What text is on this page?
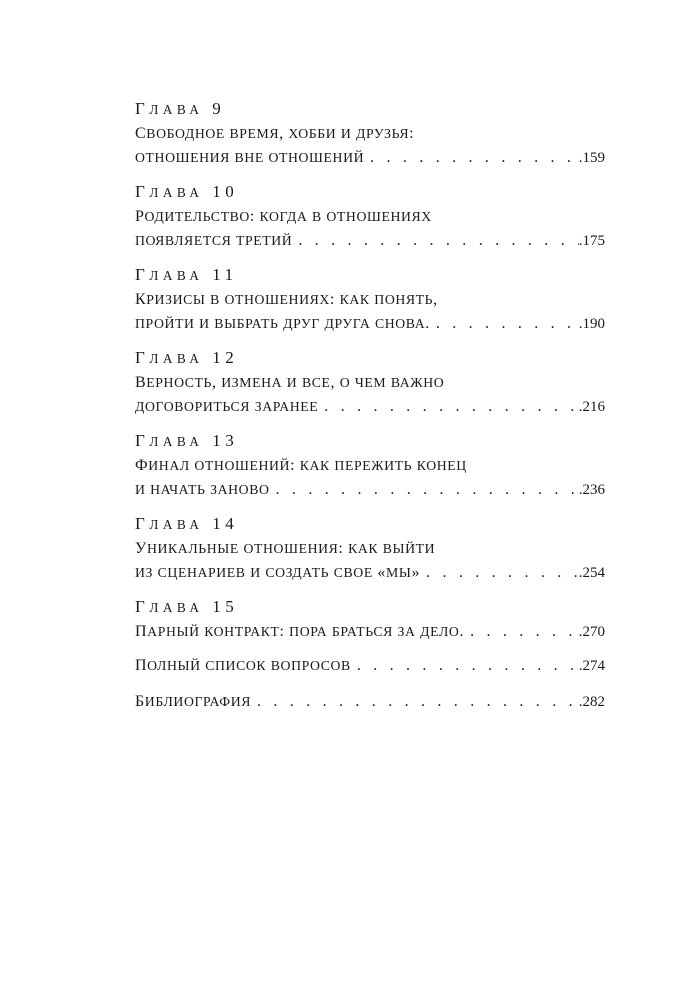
ГЛАВА 9
СВОБОДНОЕ ВРЕМЯ, ХОББИ И ДРУЗЬЯ:
ОТНОШЕНИЯ ВНЕ ОТНОШЕНИЙ . . .	.159
ГЛАВА 10
РОДИТЕЛЬСТВО: КОГДА В ОТНОШЕНИЯХ
ПОЯВЛЯЕТСЯ ТРЕТИЙ . . .	.175
ГЛАВА 11
КРИЗИСЫ В ОТНОШЕНИЯХ: КАК ПОНЯТЬ,
ПРОЙТИ И ВЫБРАТЬ ДРУГ ДРУГА СНОВА. . . .	.190
ГЛАВА 12
ВЕРНОСТЬ, ИЗМЕНА И ВСЕ, О ЧЕМ ВАЖНО
ДОГОВОРИТЬСЯ ЗАРАНЕЕ . . .	.216
ГЛАВА 13
ФИНАЛ ОТНОШЕНИЙ: КАК ПЕРЕЖИТЬ КОНЕЦ
И НАЧАТЬ ЗАНОВО . . .	.236
ГЛАВА 14
УНИКАЛЬНЫЕ ОТНОШЕНИЯ: КАК ВЫЙТИ
ИЗ СЦЕНАРИЕВ И СОЗДАТЬ СВОЕ «МЫ» . . .	.254
ГЛАВА 15
ПАРНЫЙ КОНТРАКТ: ПОРА БРАТЬСЯ ЗА ДЕЛО. . . .	.270
ПОЛНЫЙ СПИСОК ВОПРОСОВ . . .	.274
БИБЛИОГРАФИЯ . . .	.282
